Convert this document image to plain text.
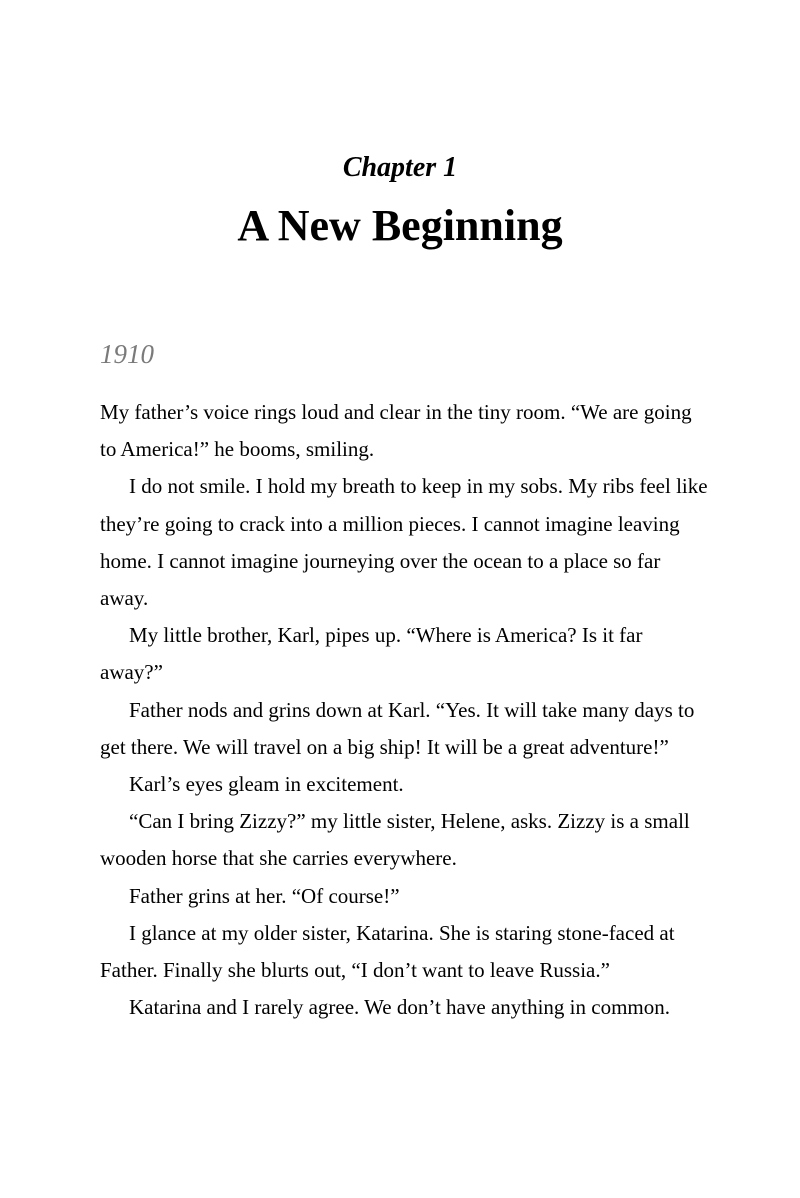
Chapter 1
A New Beginning
1910

My father’s voice rings loud and clear in the tiny room. “We are going to America!” he booms, smiling.

I do not smile. I hold my breath to keep in my sobs. My ribs feel like they’re going to crack into a million pieces. I cannot imagine leaving home. I cannot imagine journeying over the ocean to a place so far away.

My little brother, Karl, pipes up. “Where is America? Is it far away?”

Father nods and grins down at Karl. “Yes. It will take many days to get there. We will travel on a big ship! It will be a great adventure!”

Karl’s eyes gleam in excitement.

“Can I bring Zizzy?” my little sister, Helene, asks. Zizzy is a small wooden horse that she carries everywhere.

Father grins at her. “Of course!”

I glance at my older sister, Katarina. She is staring stone-faced at Father. Finally she blurts out, “I don’t want to leave Russia.”

Katarina and I rarely agree. We don’t have anything in common.
